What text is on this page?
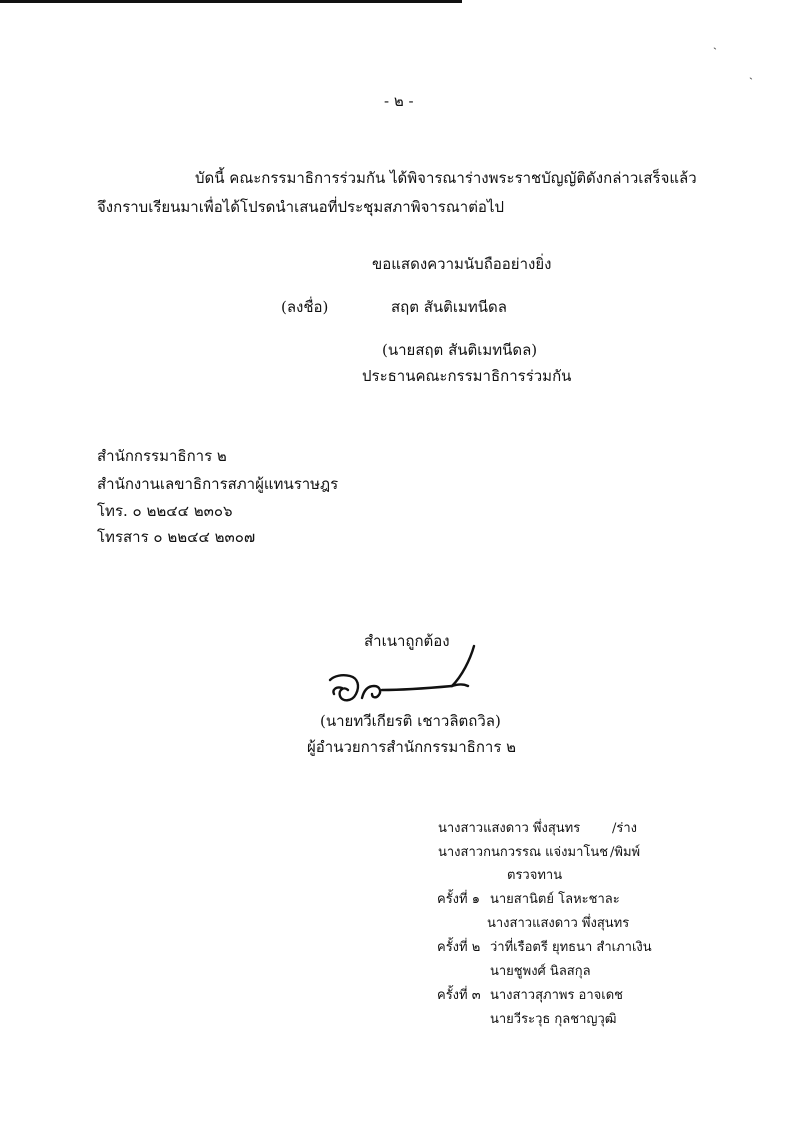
ˏ
ˏ
- ๒ -
บัดนี้ คณะกรรมาธิการร่วมกัน ได้พิจารณาร่างพระราชบัญญัติดังกล่าวเสร็จแล้ว
จึงกราบเรียนมาเพื่อได้โปรดนำเสนอที่ประชุมสภาพิจารณาต่อไป
ขอแสดงความนับถืออย่างยิ่ง
(ลงชื่อ)	สฤต สันติเมทนีดล
(นายสฤต สันติเมทนีดล)
ประธานคณะกรรมาธิการร่วมกัน
สำนักกรรมาธิการ ๒
สำนักงานเลขาธิการสภาผู้แทนราษฎร
โทร. ๐ ๒๒๔๔ ๒๓๐๖
โทรสาร ๐ ๒๒๔๔ ๒๓๐๗
สำเนาถูกต้อง
(นายทวีเกียรติ เชาวลิตถวิล)
ผู้อำนวยการสำนักกรรมาธิการ ๒
นางสาวแสงดาว พึ่งสุนทร /ร่าง
นางสาวกนกวรรณ แจ่งมาโนช /พิมพ์
ตรวจทาน
ครั้งที่ ๑ นายสานิตย์ โลหะชาละ
นางสาวแสงดาว พึ่งสุนทร
ครั้งที่ ๒ ว่าที่เรือตรี ยุทธนา สำเภาเงิน
นายชูพงศ์ นิลสกุล
ครั้งที่ ๓ นางสาวสุภาพร อาจเดช
นายวีระวุธ กุลชาญวุฒิ
